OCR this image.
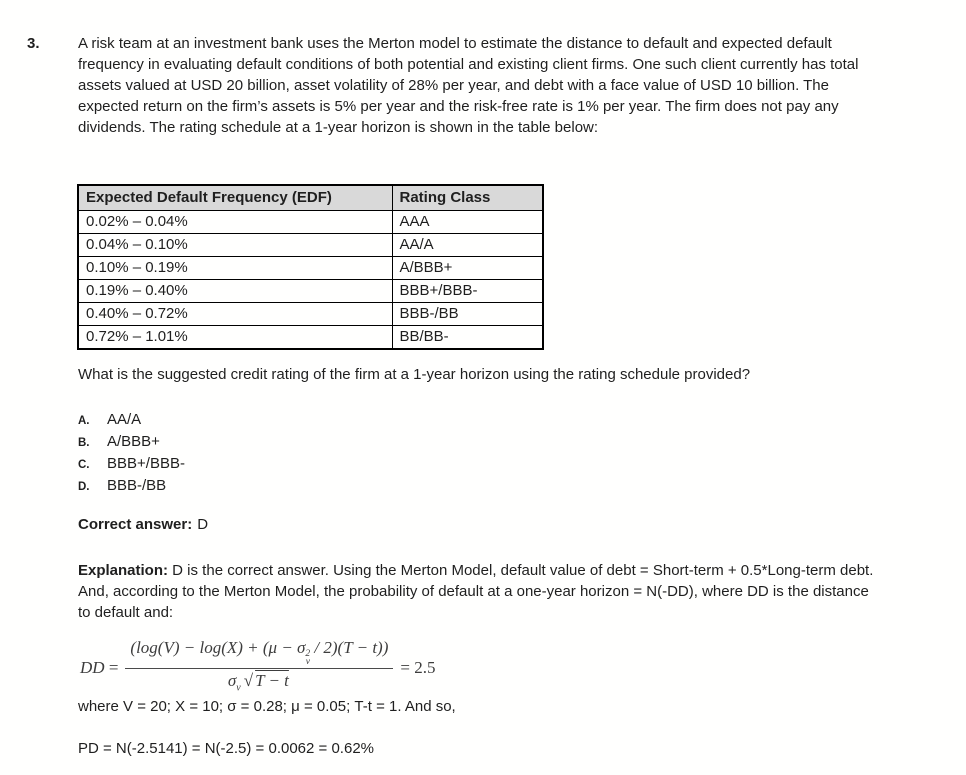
3.	A risk team at an investment bank uses the Merton model to estimate the distance to default and expected default frequency in evaluating default conditions of both potential and existing client firms. One such client currently has total assets valued at USD 20 billion, asset volatility of 28% per year, and debt with a face value of USD 10 billion. The expected return on the firm’s assets is 5% per year and the risk-free rate is 1% per year. The firm does not pay any dividends. The rating schedule at a 1-year horizon is shown in the table below:
Expected Default Frequency (EDF)	Rating Class
0.02% – 0.04%	AAA
0.04% – 0.10%	AA/A
0.10% – 0.19%	A/BBB+
0.19% – 0.40%	BBB+/BBB-
0.40% – 0.72%	BBB-/BB
0.72% – 1.01%	BB/BB-
What is the suggested credit rating of the firm at a 1-year horizon using the rating schedule provided?
A.	AA/A
B.	A/BBB+
C.	BBB+/BBB-
D.	BBB-/BB
Correct answer: D
Explanation: D is the correct answer. Using the Merton Model, default value of debt = Short-term + 0.5*Long-term debt. And, according to the Merton Model, the probability of default at a one-year horizon = N(-DD), where DD is the distance to default and:
DD = (log(V) − log(X) + (μ − σ 2
v
/ 2)(T − t))
$\sigma_v$ √ T − t = 2.5
where V = 20; X = 10; σ = 0.28; μ = 0.05; T-t = 1. And so,
PD = N(-2.5141) = N(-2.5) = 0.0062 = 0.62%
